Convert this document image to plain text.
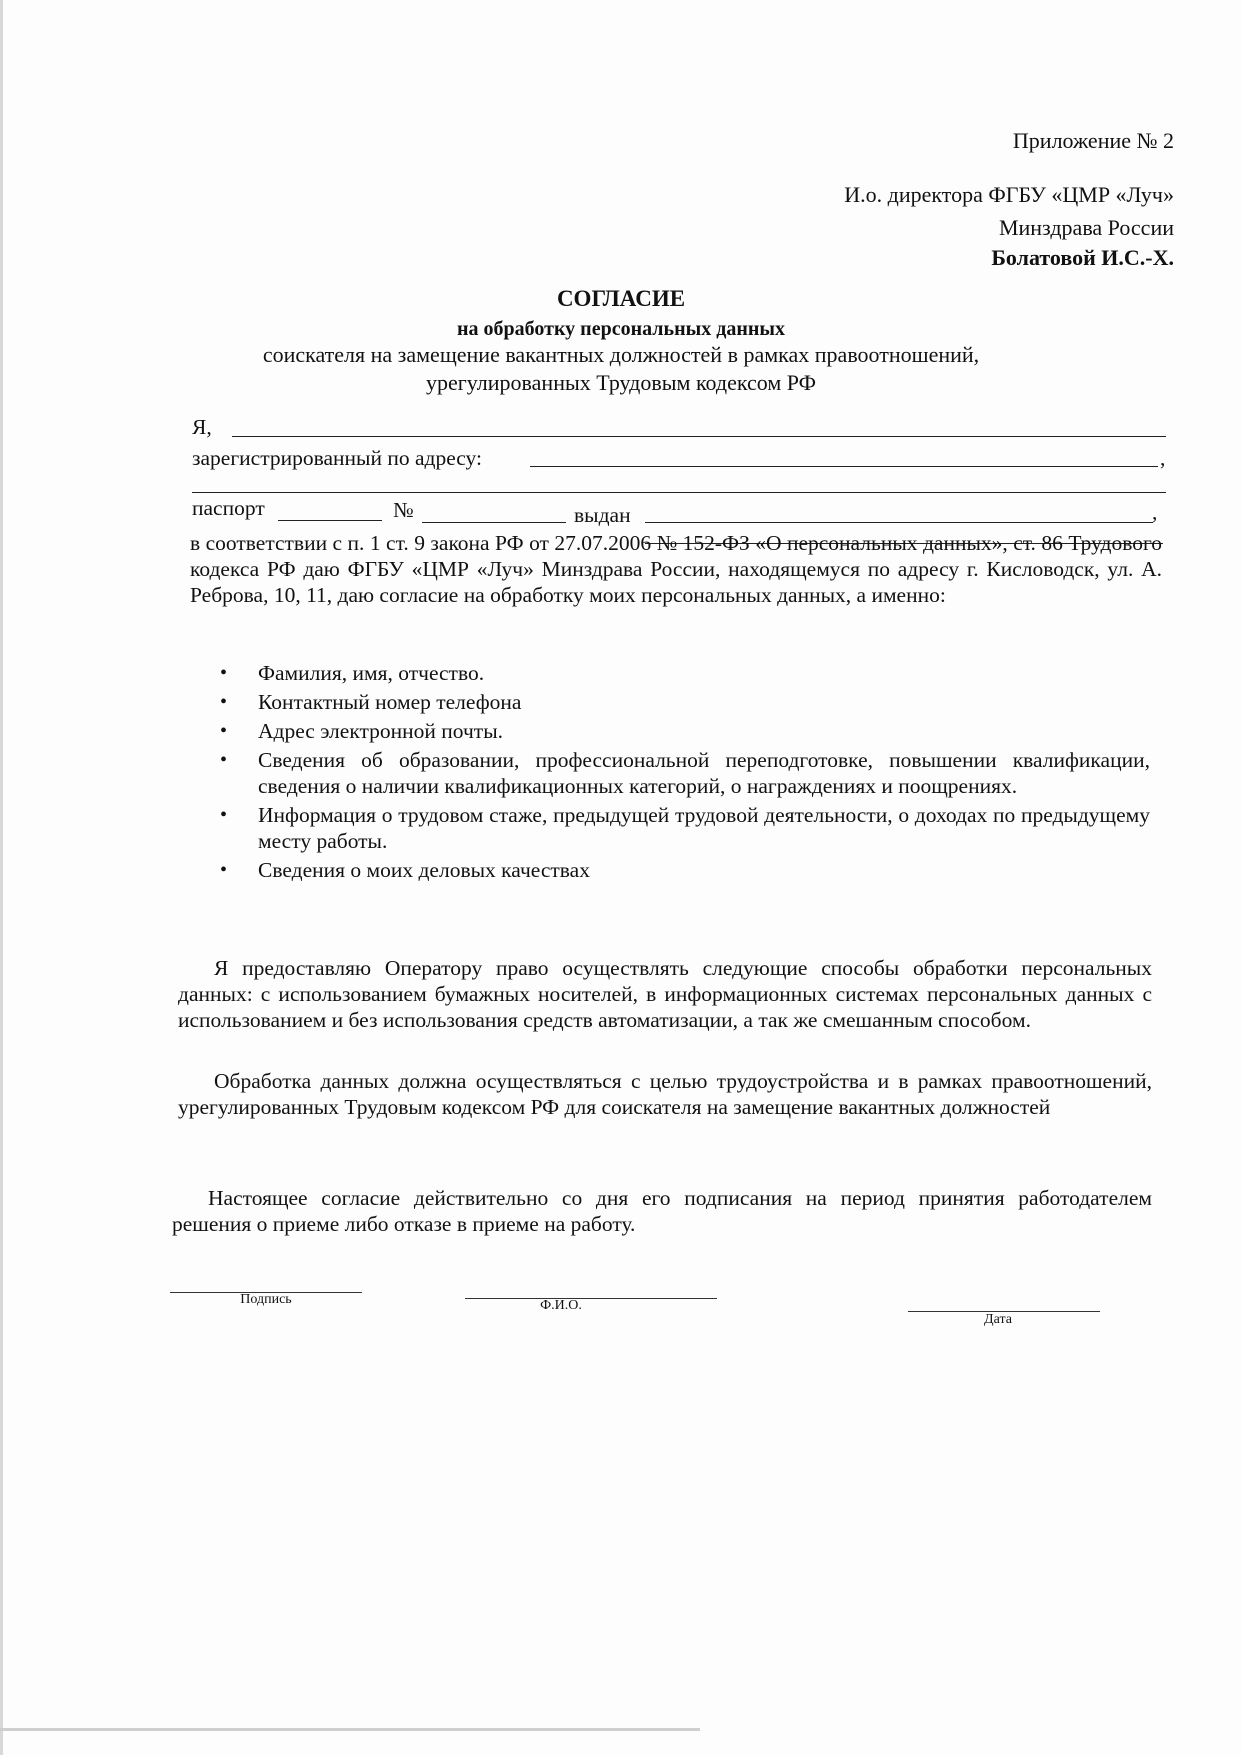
Приложение № 2
И.о. директора ФГБУ «ЦМР «Луч»
Минздрава России
Болатовой И.С.-Х.
СОГЛАСИЕ
на обработку персональных данных
соискателя на замещение вакантных должностей в рамках правоотношений,
урегулированных Трудовым кодексом РФ
Я,
зарегистрированный по адресу:	,
паспорт	№	выдан	,
в соответствии с п. 1 ст. 9 закона РФ от 27.07.2006 № 152-ФЗ «О персональных данных», ст. 86 Трудового кодекса РФ даю ФГБУ «ЦМР «Луч» Минздрава России, находящемуся по адресу г. Кисловодск, ул. А. Реброва, 10, 11, даю согласие на обработку моих персональных данных, а именно:
• Фамилия, имя, отчество.
• Контактный номер телефона
• Адрес электронной почты.
• Сведения об образовании, профессиональной переподготовке, повышении квалификации, сведения о наличии квалификационных категорий, о награждениях и поощрениях.
• Информация о трудовом стаже, предыдущей трудовой деятельности, о доходах по предыдущему месту работы.
• Сведения о моих деловых качествах
Я предоставляю Оператору право осуществлять следующие способы обработки персональных данных: с использованием бумажных носителей, в информационных системах персональных данных с использованием и без использования средств автоматизации, а так же смешанным способом.
Обработка данных должна осуществляться с целью трудоустройства и в рамках правоотношений, урегулированных Трудовым кодексом РФ для соискателя на замещение вакантных должностей
Настоящее согласие действительно со дня его подписания на период принятия работодателем решения о приеме либо отказе в приеме на работу.
Подпись	Ф.И.О.
Дата
